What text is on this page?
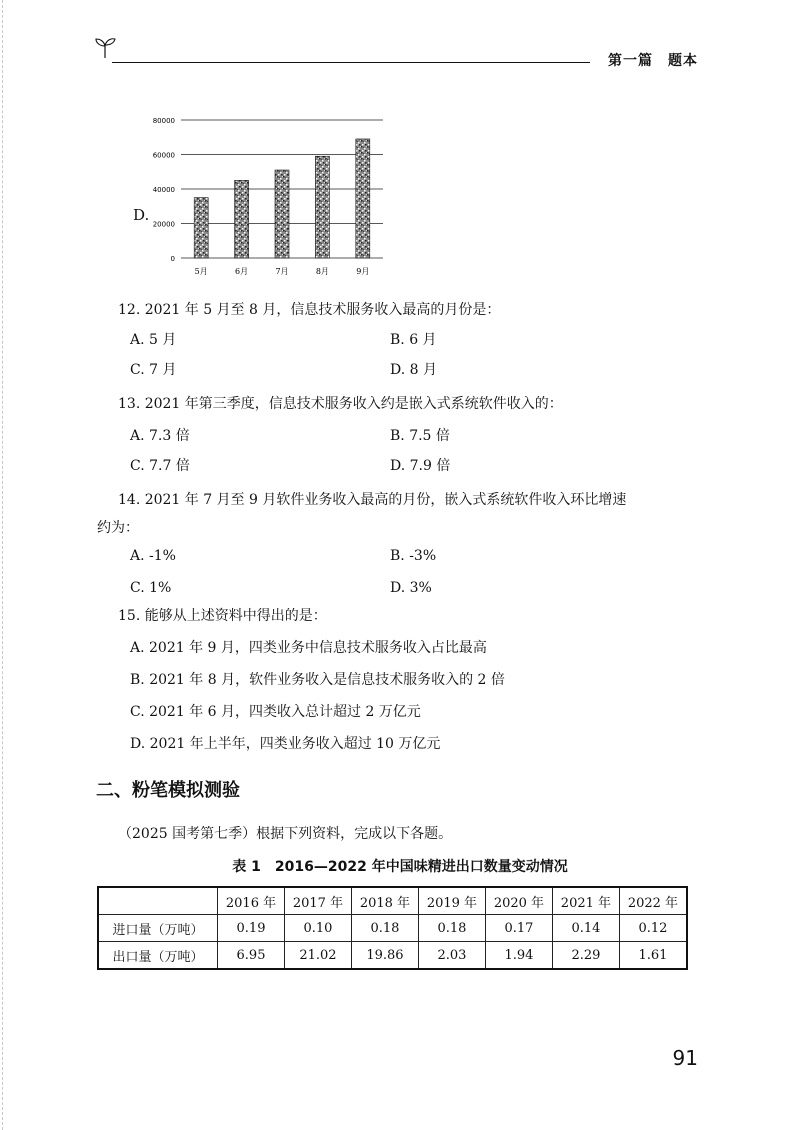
第一篇　题本
D.
0
20000
40000
60000
80000
5月	6月	7月	8月	9月
12. 2021 年 5 月至 8 月，信息技术服务收入最高的月份是：
A. 5 月	B. 6 月
C. 7 月	D. 8 月
13. 2021 年第三季度，信息技术服务收入约是嵌入式系统软件收入的：
A. 7.3 倍	B. 7.5 倍
C. 7.7 倍	D. 7.9 倍
14. 2021 年 7 月至 9 月软件业务收入最高的月份，嵌入式系统软件收入环比增速
约为：
A. -1%	B. -3%
C. 1%	D. 3%
15. 能够从上述资料中得出的是：
A. 2021 年 9 月，四类业务中信息技术服务收入占比最高
B. 2021 年 8 月，软件业务收入是信息技术服务收入的 2 倍
C. 2021 年 6 月，四类收入总计超过 2 万亿元
D. 2021 年上半年，四类业务收入超过 10 万亿元
二、粉笔模拟测验
（2025 国考第七季）根据下列资料，完成以下各题。
表 1　2016—2022 年中国味精进出口数量变动情况
	2016 年	2017 年	2018 年	2019 年	2020 年	2021 年	2022 年
进口量（万吨）	0.19	0.10	0.18	0.18	0.17	0.14	0.12
出口量（万吨）	6.95	21.02	19.86	2.03	1.94	2.29	1.61
91
